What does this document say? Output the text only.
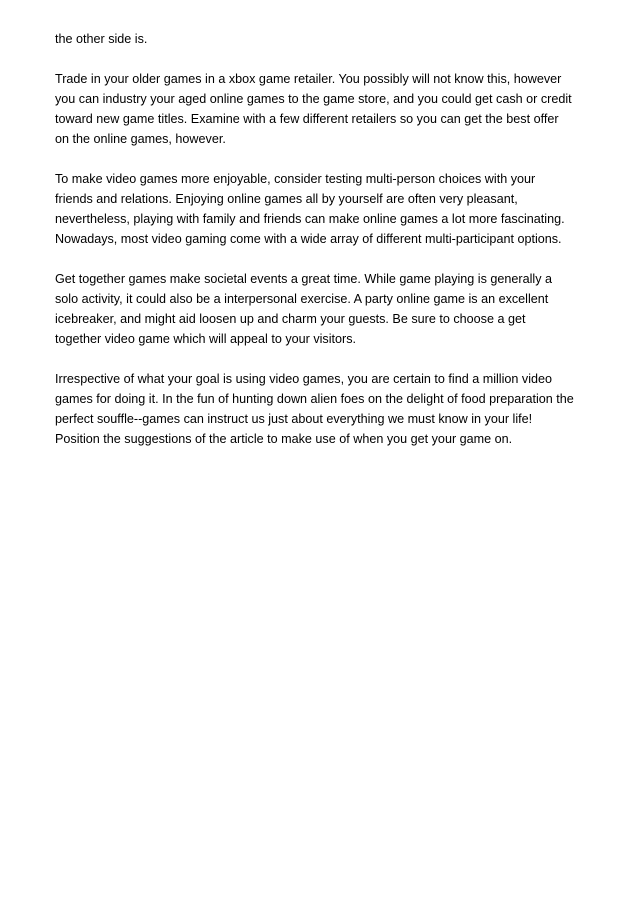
the other side is.

Trade in your older games in a xbox game retailer. You possibly will not know this, however
you can industry your aged online games to the game store, and you could get cash or credit
toward new game titles. Examine with a few different retailers so you can get the best offer
on the online games, however.

To make video games more enjoyable, consider testing multi-person choices with your
friends and relations. Enjoying online games all by yourself are often very pleasant,
nevertheless, playing with family and friends can make online games a lot more fascinating.
Nowadays, most video gaming come with a wide array of different multi-participant options.

Get together games make societal events a great time. While game playing is generally a
solo activity, it could also be a interpersonal exercise. A party online game is an excellent
icebreaker, and might aid loosen up and charm your guests. Be sure to choose a get
together video game which will appeal to your visitors.

Irrespective of what your goal is using video games, you are certain to find a million video
games for doing it. In the fun of hunting down alien foes on the delight of food preparation the
perfect souffle--games can instruct us just about everything we must know in your life!
Position the suggestions of the article to make use of when you get your game on.
